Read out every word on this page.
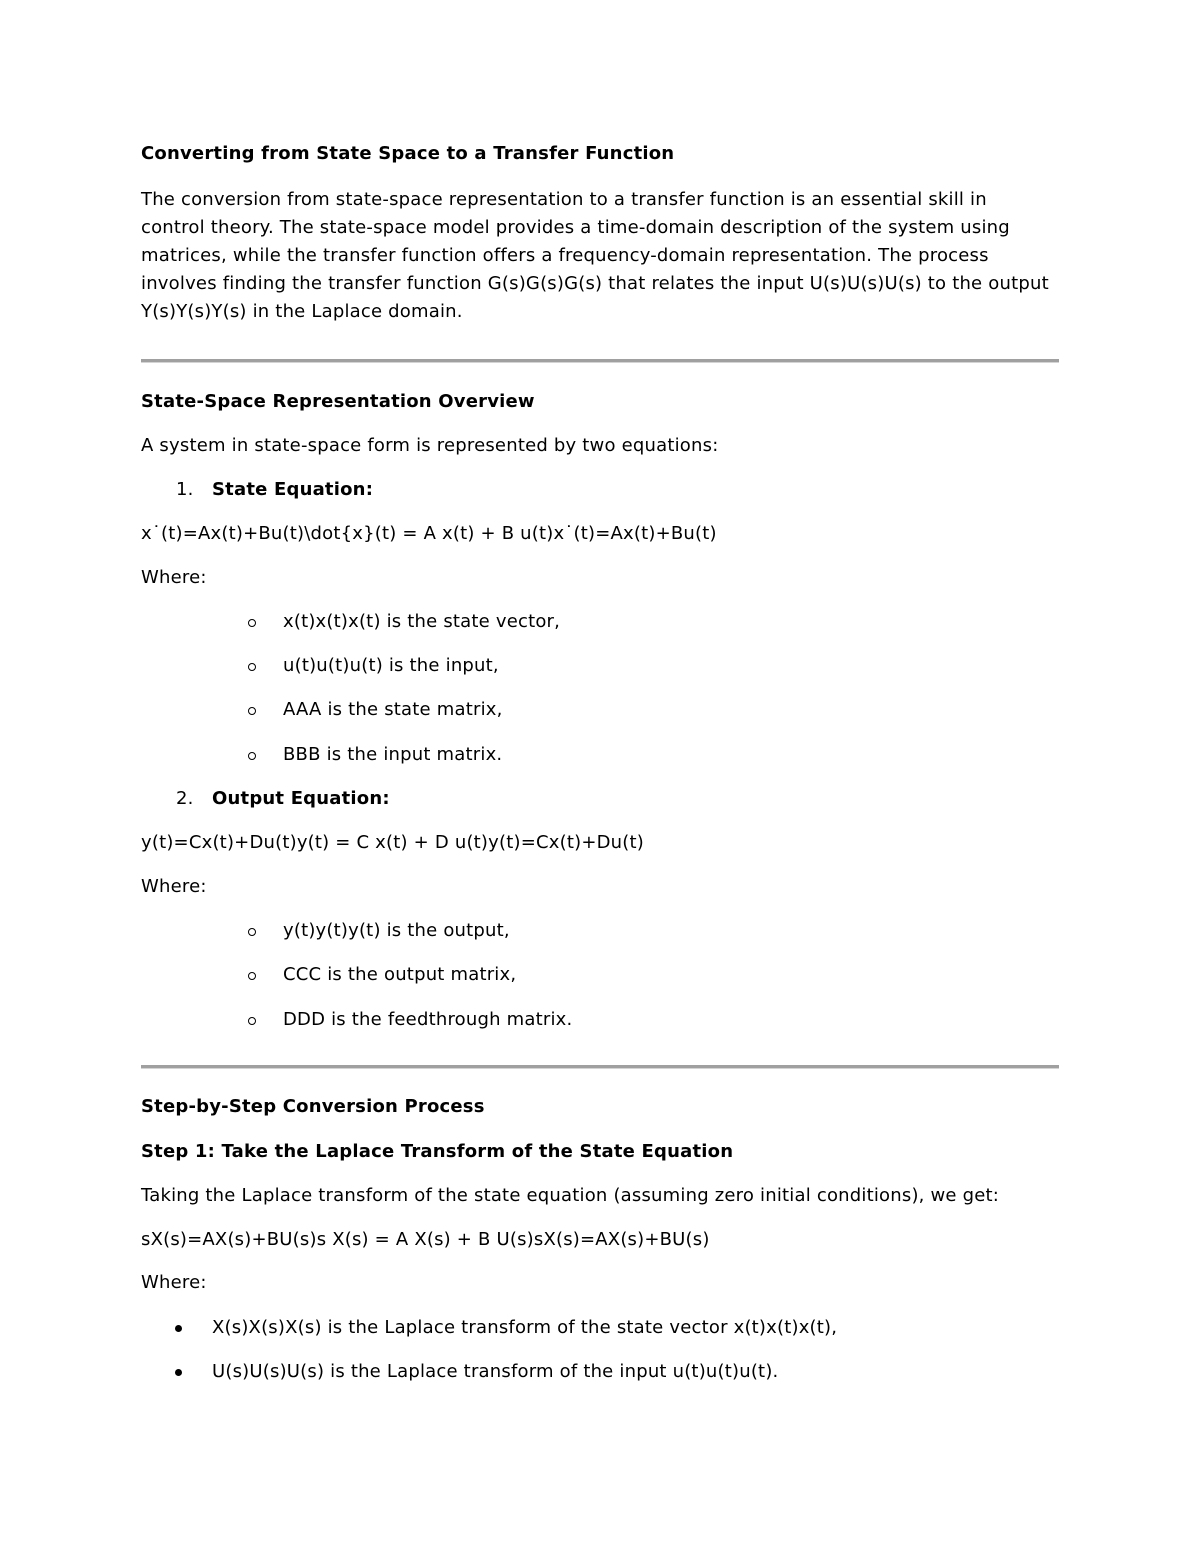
Converting from State Space to a Transfer Function
The conversion from state-space representation to a transfer function is an essential skill in control theory. The state-space model provides a time-domain description of the system using matrices, while the transfer function offers a frequency-domain representation. The process involves finding the transfer function G(s)G(s)G(s) that relates the input U(s)U(s)U(s) to the output Y(s)Y(s)Y(s) in the Laplace domain.
State-Space Representation Overview
A system in state-space form is represented by two equations:
1. State Equation:
x˙(t)=Ax(t)+Bu(t)\dot{x}(t) = A x(t) + B u(t)x˙(t)=Ax(t)+Bu(t)
Where:
x(t)x(t)x(t) is the state vector,
u(t)u(t)u(t) is the input,
AAA is the state matrix,
BBB is the input matrix.
2. Output Equation:
y(t)=Cx(t)+Du(t)y(t) = C x(t) + D u(t)y(t)=Cx(t)+Du(t)
Where:
y(t)y(t)y(t) is the output,
CCC is the output matrix,
DDD is the feedthrough matrix.
Step-by-Step Conversion Process
Step 1: Take the Laplace Transform of the State Equation
Taking the Laplace transform of the state equation (assuming zero initial conditions), we get:
sX(s)=AX(s)+BU(s)s X(s) = A X(s) + B U(s)sX(s)=AX(s)+BU(s)
Where:
X(s)X(s)X(s) is the Laplace transform of the state vector x(t)x(t)x(t),
U(s)U(s)U(s) is the Laplace transform of the input u(t)u(t)u(t).
